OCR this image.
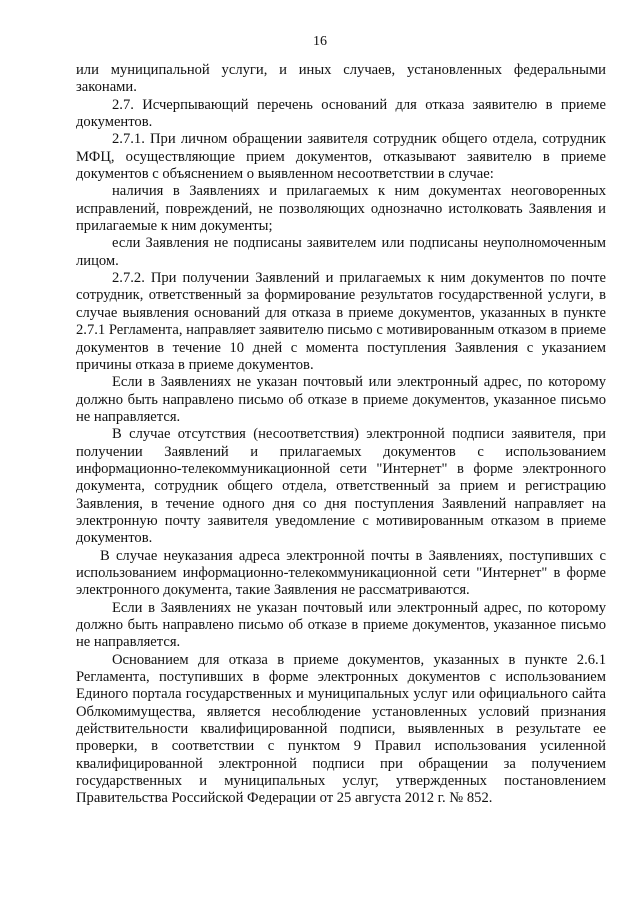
16

или муниципальной услуги, и иных случаев, установленных федеральными законами.

2.7. Исчерпывающий перечень оснований для отказа заявителю в приеме документов.

2.7.1. При личном обращении заявителя сотрудник общего отдела, сотрудник МФЦ, осуществляющие прием документов, отказывают заявителю в приеме документов с объяснением о выявленном несоответствии в случае:

наличия в Заявлениях и прилагаемых к ним документах неоговоренных исправлений, повреждений, не позволяющих однозначно истолковать Заявления и прилагаемые к ним документы;

если Заявления не подписаны заявителем или подписаны неуполномоченным лицом.

2.7.2. При получении Заявлений и прилагаемых к ним документов по почте сотрудник, ответственный за формирование результатов государственной услуги, в случае выявления оснований для отказа в приеме документов, указанных в пункте 2.7.1 Регламента, направляет заявителю письмо с мотивированным отказом в приеме документов в течение 10 дней с момента поступления Заявления с указанием причины отказа в приеме документов.

Если в Заявлениях не указан почтовый или электронный адрес, по которому должно быть направлено письмо об отказе в приеме документов, указанное письмо не направляется.

В случае отсутствия (несоответствия) электронной подписи заявителя, при получении Заявлений и прилагаемых документов с использованием информационно-телекоммуникационной сети "Интернет" в форме электронного документа, сотрудник общего отдела, ответственный за прием и регистрацию Заявления, в течение одного дня со дня поступления Заявлений направляет на электронную почту заявителя уведомление с мотивированным отказом в приеме документов.

В случае неуказания адреса электронной почты в Заявлениях, поступивших с использованием информационно-телекоммуникационной сети "Интернет" в форме электронного документа, такие Заявления не рассматриваются.

Если в Заявлениях не указан почтовый или электронный адрес, по которому должно быть направлено письмо об отказе в приеме документов, указанное письмо не направляется.

Основанием для отказа в приеме документов, указанных в пункте 2.6.1 Регламента, поступивших в форме электронных документов с использованием Единого портала государственных и муниципальных услуг или официального сайта Облкомимущества, является несоблюдение установленных условий признания действительности квалифицированной подписи, выявленных в результате ее проверки, в соответствии с пунктом 9 Правил использования усиленной квалифицированной электронной подписи при обращении за получением государственных и муниципальных услуг, утвержденных постановлением Правительства Российской Федерации от 25 августа 2012 г. № 852.
